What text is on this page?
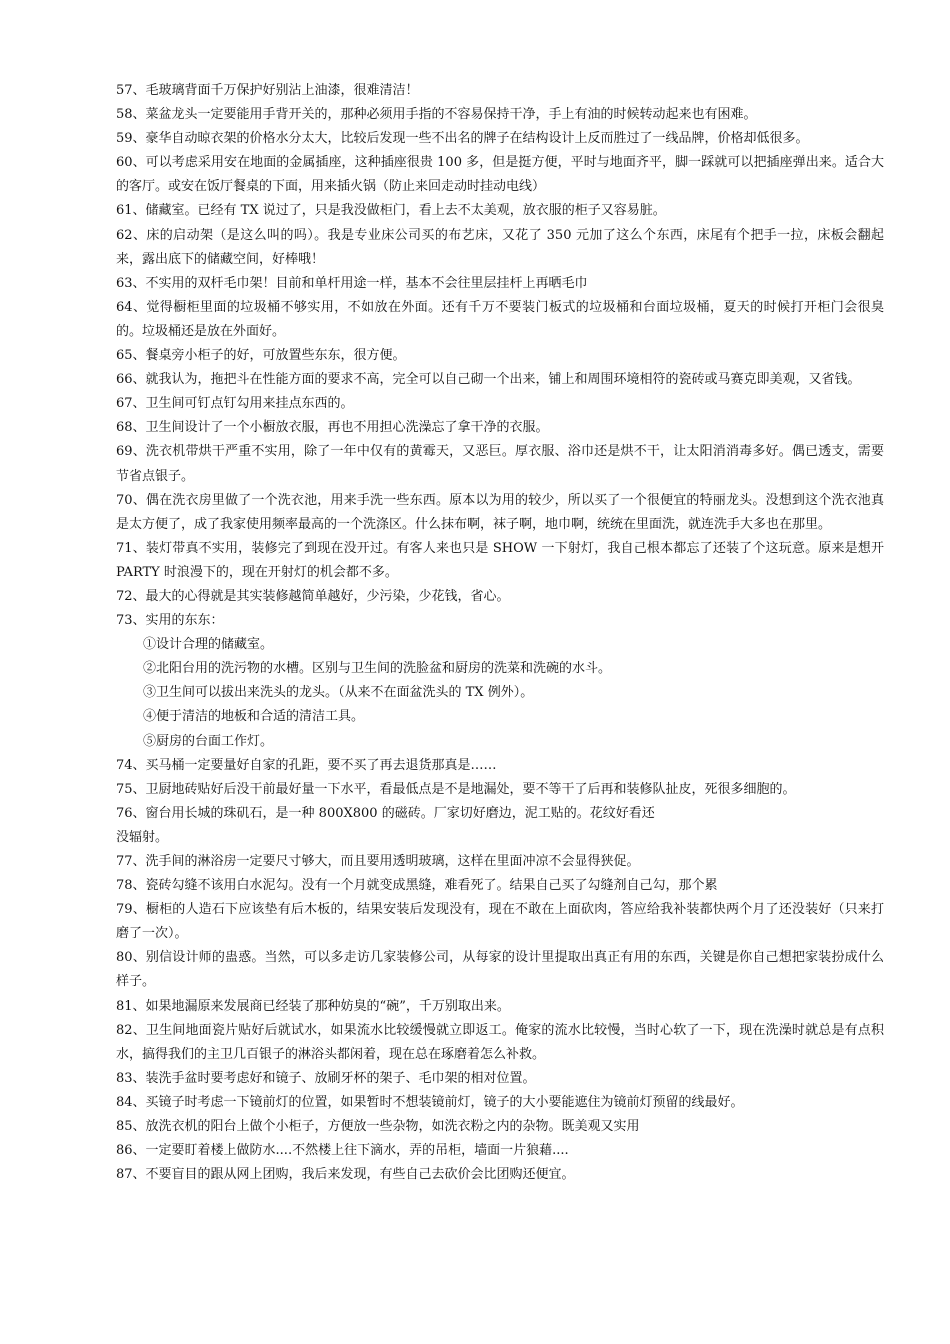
57、毛玻璃背面千万保护好别沾上油漆，很难清洁！

58、菜盆龙头一定要能用手背开关的，那种必须用手指的不容易保持干净，手上有油的时候转动起来也有困难。

59、豪华自动晾衣架的价格水分太大，比较后发现一些不出名的牌子在结构设计上反而胜过了一线品牌，价格却低很多。

60、可以考虑采用安在地面的金属插座，这种插座很贵 100 多，但是挺方便，平时与地面齐平，脚一踩就可以把插座弹出来。适合大的客厅。或安在饭厅餐桌的下面，用来插火锅（防止来回走动时挂动电线）

61、储藏室。已经有 TX 说过了，只是我没做柜门，看上去不太美观，放衣服的柜子又容易脏。

62、床的启动架（是这么叫的吗）。我是专业床公司买的布艺床，又花了 350 元加了这么个东西，床尾有个把手一拉，床板会翻起来，露出底下的储藏空间，好棒哦！

63、不实用的双杆毛巾架！目前和单杆用途一样，基本不会往里层挂杆上再晒毛巾

64、觉得橱柜里面的垃圾桶不够实用，不如放在外面。还有千万不要装门板式的垃圾桶和台面垃圾桶，夏天的时候打开柜门会很臭的。垃圾桶还是放在外面好。

65、餐桌旁小柜子的好，可放置些东东，很方便。

66、就我认为，拖把斗在性能方面的要求不高，完全可以自己砌一个出来，铺上和周围环境相符的瓷砖或马赛克即美观，又省钱。

67、卫生间可钉点钉勾用来挂点东西的。

68、卫生间设计了一个小橱放衣服，再也不用担心洗澡忘了拿干净的衣服。

69、洗衣机带烘干严重不实用，除了一年中仅有的黄霉天，又恶巨。厚衣服、浴巾还是烘不干，让太阳消消毒多好。偶已透支，需要节省点银子。

70、偶在洗衣房里做了一个洗衣池，用来手洗一些东西。原本以为用的较少，所以买了一个很便宜的特丽龙头。没想到这个洗衣池真是太方便了，成了我家使用频率最高的一个洗涤区。什么抹布啊，袜子啊，地巾啊，统统在里面洗，就连洗手大多也在那里。

71、装灯带真不实用，装修完了到现在没开过。有客人来也只是 SHOW 一下射灯，我自己根本都忘了还装了个这玩意。原来是想开 PARTY 时浪漫下的，现在开射灯的机会都不多。

72、最大的心得就是其实装修越简单越好，少污染，少花钱，省心。

73、实用的东东：

①设计合理的储藏室。

②北阳台用的洗污物的水槽。区别与卫生间的洗脸盆和厨房的洗菜和洗碗的水斗。

③卫生间可以拔出来洗头的龙头。（从来不在面盆洗头的 TX 例外）。

④便于清洁的地板和合适的清洁工具。

⑤厨房的台面工作灯。

74、买马桶一定要量好自家的孔距，要不买了再去退货那真是……

75、卫厨地砖贴好后没干前最好量一下水平，看最低点是不是地漏处，要不等干了后再和装修队扯皮，死很多细胞的。

76、窗台用长城的珠矶石，是一种 800X800 的磁砖。厂家切好磨边，泥工贴的。花纹好看还

没辐射。

77、洗手间的淋浴房一定要尺寸够大，而且要用透明玻璃，这样在里面冲凉不会显得狭促。

78、瓷砖勾缝不该用白水泥勾。没有一个月就变成黑缝，难看死了。结果自己买了勾缝剂自己勾，那个累

79、橱柜的人造石下应该垫有后木板的，结果安装后发现没有，现在不敢在上面砍肉，答应给我补装都快两个月了还没装好（只来打磨了一次）。

80、别信设计师的蛊惑。当然，可以多走访几家装修公司，从每家的设计里提取出真正有用的东西，关键是你自己想把家装扮成什么样子。

81、如果地漏原来发展商已经装了那种妨臭的“碗”，千万别取出来。

82、卫生间地面瓷片贴好后就试水，如果流水比较缓慢就立即返工。俺家的流水比较慢，当时心软了一下，现在洗澡时就总是有点积水，搞得我们的主卫几百银子的淋浴头都闲着，现在总在琢磨着怎么补救。

83、装洗手盆时要考虑好和镜子、放刷牙杯的架子、毛巾架的相对位置。

84、买镜子时考虑一下镜前灯的位置，如果暂时不想装镜前灯，镜子的大小要能遮住为镜前灯预留的线最好。

85、放洗衣机的阳台上做个小柜子，方便放一些杂物，如洗衣粉之内的杂物。既美观又实用

86、一定要盯着楼上做防水....不然楼上往下滴水，弄的吊柜，墙面一片狼藉....

87、不要盲目的跟从网上团购，我后来发现，有些自己去砍价会比团购还便宜。
